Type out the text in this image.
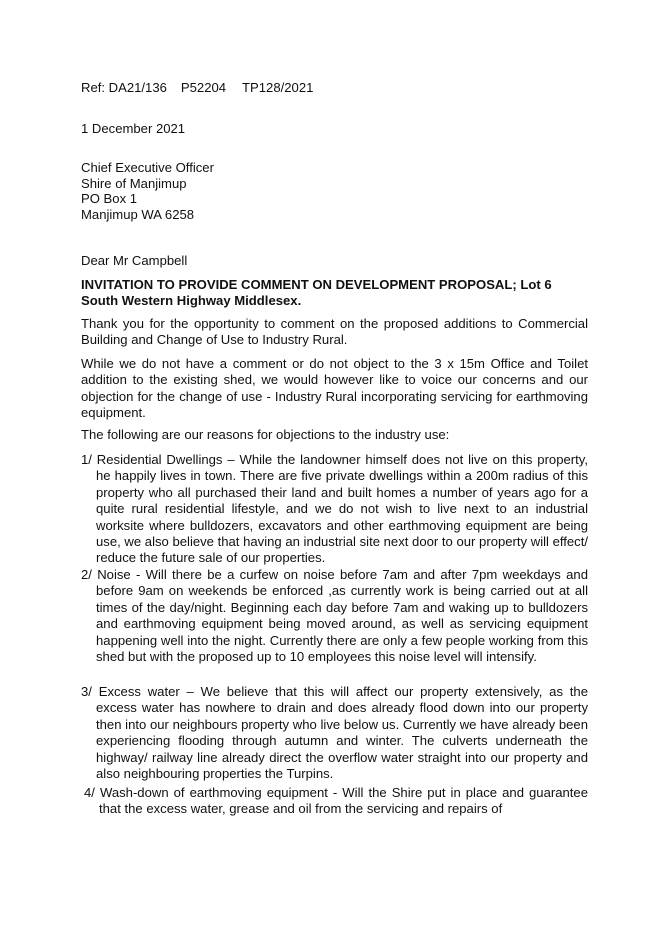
Ref: DA21/136 P52204 TP128/2021
1 December 2021
Chief Executive Officer
Shire of Manjimup
PO Box 1
Manjimup WA 6258
Dear Mr Campbell
INVITATION TO PROVIDE COMMENT ON DEVELOPMENT PROPOSAL; Lot 6
South Western Highway Middlesex.

Thank you for the opportunity to comment on the proposed additions to Commercial Building and Change of Use to Industry Rural.

While we do not have a comment or do not object to the 3 x 15m Office and Toilet addition to the existing shed, we would however like to voice our concerns and our objection for the change of use - Industry Rural incorporating servicing for earthmoving equipment.

The following are our reasons for objections to the industry use:

1/ Residential Dwellings – While the landowner himself does not live on this property, he happily lives in town. There are five private dwellings within a 200m radius of this property who all purchased their land and built homes a number of years ago for a quite rural residential lifestyle, and we do not wish to live next to an industrial worksite where bulldozers, excavators and other earthmoving equipment are being use, we also believe that having an industrial site next door to our property will effect/ reduce the future sale of our properties.

2/ Noise - Will there be a curfew on noise before 7am and after 7pm weekdays and before 9am on weekends be enforced ,as currently work is being carried out at all times of the day/night. Beginning each day before 7am and waking up to bulldozers and earthmoving equipment being moved around, as well as servicing equipment happening well into the night. Currently there are only a few people working from this shed but with the proposed up to 10 employees this noise level will intensify.

3/ Excess water – We believe that this will affect our property extensively, as the excess water has nowhere to drain and does already flood down into our property then into our neighbours property who live below us. Currently we have already been experiencing flooding through autumn and winter. The culverts underneath the highway/ railway line already direct the overflow water straight into our property and also neighbouring properties the Turpins.

4/ Wash-down of earthmoving equipment - Will the Shire put in place and guarantee that the excess water, grease and oil from the servicing and repairs of
